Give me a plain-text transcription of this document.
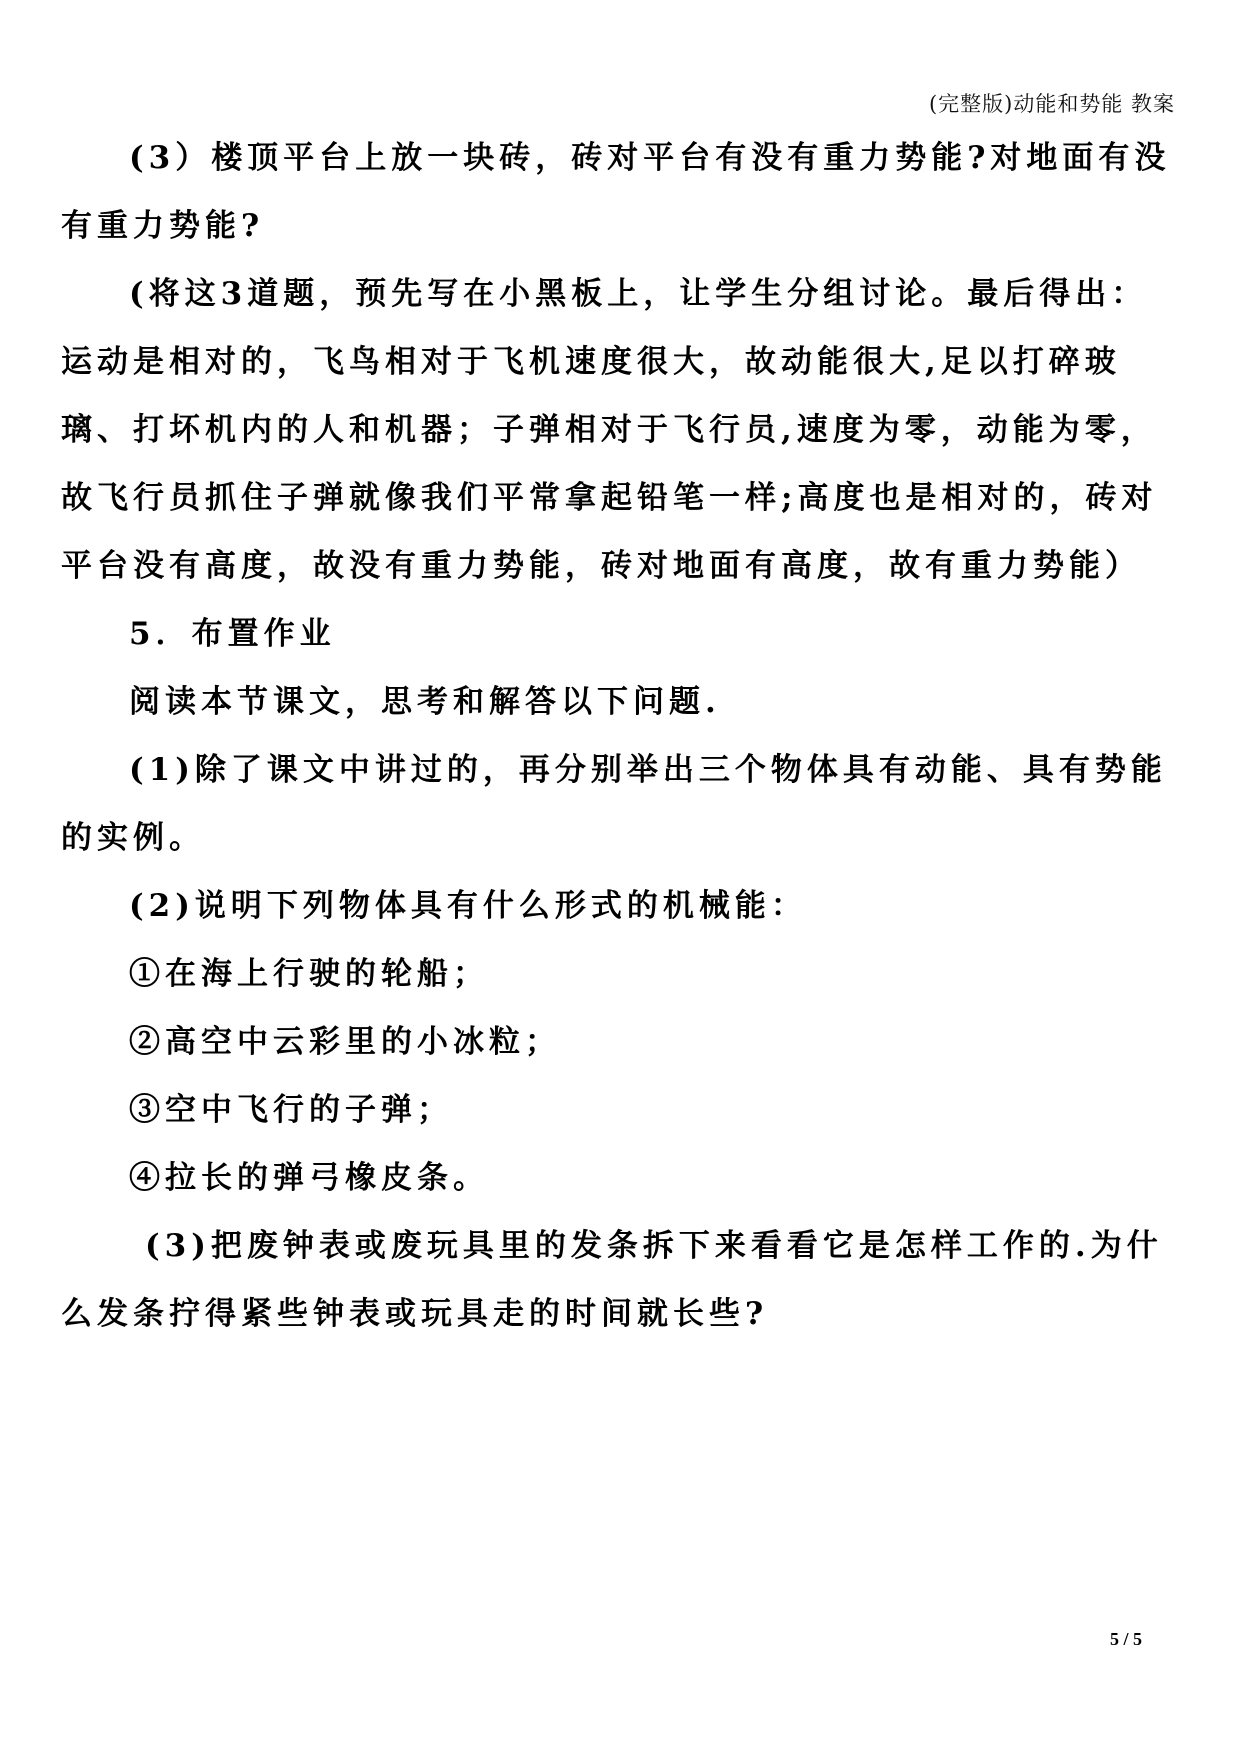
(完整版)动能和势能 教案

(3）楼顶平台上放一块砖，砖对平台有没有重力势能?对地面有没有重力势能?

(将这3道题，预先写在小黑板上，让学生分组讨论。最后得出：运动是相对的，飞鸟相对于飞机速度很大，故动能很大,足以打碎玻璃、打坏机内的人和机器；子弹相对于飞行员,速度为零，动能为零，故飞行员抓住子弹就像我们平常拿起铅笔一样;高度也是相对的，砖对平台没有高度，故没有重力势能，砖对地面有高度，故有重力势能）

5．布置作业

阅读本节课文，思考和解答以下问题.

(1)除了课文中讲过的，再分别举出三个物体具有动能、具有势能的实例。

(2)说明下列物体具有什么形式的机械能：

①在海上行驶的轮船；

②高空中云彩里的小冰粒；

③空中飞行的子弹；

④拉长的弹弓橡皮条。

(3)把废钟表或废玩具里的发条拆下来看看它是怎样工作的.为什么发条拧得紧些钟表或玩具走的时间就长些?

5 / 5
